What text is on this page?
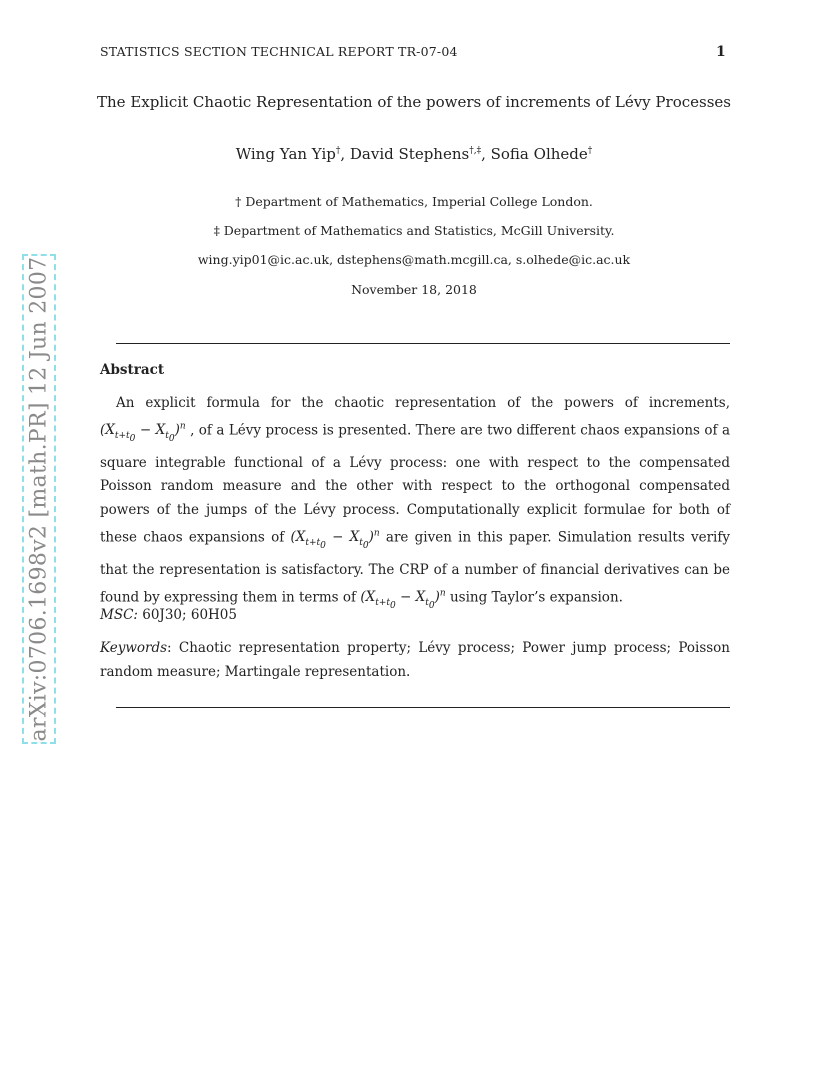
STATISTICS SECTION TECHNICAL REPORT TR-07-04	1
The Explicit Chaotic Representation of the powers of increments of Lévy Processes
Wing Yan Yip†, David Stephens†,‡, Sofia Olhede†
† Department of Mathematics, Imperial College London.
‡ Department of Mathematics and Statistics, McGill University.
wing.yip01@ic.ac.uk, dstephens@math.mcgill.ca, s.olhede@ic.ac.uk
November 18, 2018
Abstract

An explicit formula for the chaotic representation of the powers of increments, $(X_{t+t_0} - X_{t_0})^n$ , of a Lévy process is presented. There are two different chaos expansions of a square integrable functional of a Lévy process: one with respect to the compensated Poisson random measure and the other with respect to the orthogonal compensated powers of the jumps of the Lévy process. Computationally explicit formulae for both of these chaos expansions of $(X_{t+t_0} - X_{t_0})^n$ are given in this paper. Simulation results verify that the representation is satisfactory. The CRP of a number of financial derivatives can be found by expressing them in terms of $(X_{t+t_0} - X_{t_0})^n$ using Taylor’s expansion.

MSC: 60J30; 60H05
Keywords: Chaotic representation property; Lévy process; Power jump process; Poisson random measure; Martingale representation.
arXiv:0706.1698v2 [math.PR] 12 Jun 2007
